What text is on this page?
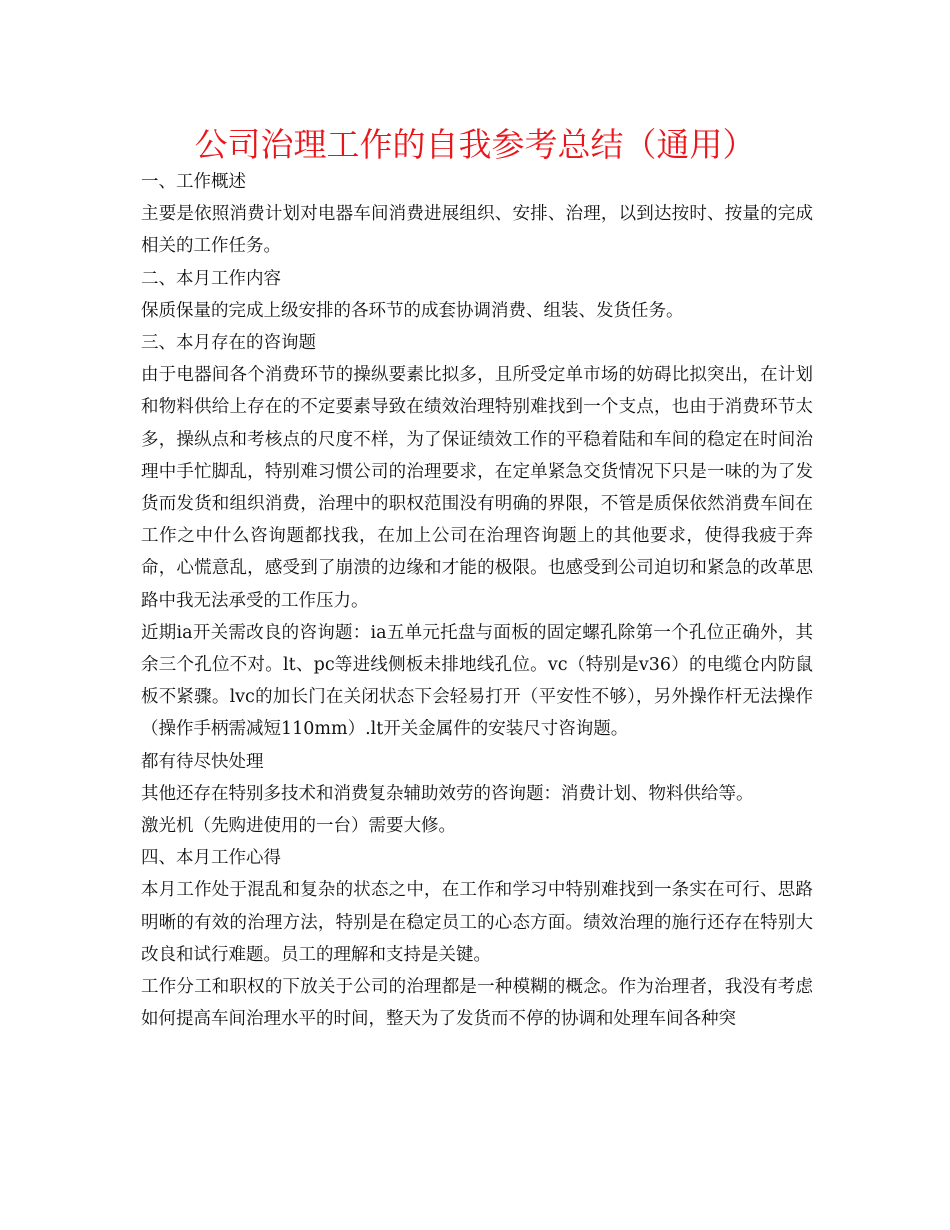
公司治理工作的自我参考总结（通用）

一、工作概述

主要是依照消费计划对电器车间消费进展组织、安排、治理，以到达按时、按量的完成相关的工作任务。

二、本月工作内容

保质保量的完成上级安排的各环节的成套协调消费、组装、发货任务。

三、本月存在的咨询题

由于电器间各个消费环节的操纵要素比拟多，且所受定单市场的妨碍比拟突出，在计划和物料供给上存在的不定要素导致在绩效治理特别难找到一个支点，也由于消费环节太多，操纵点和考核点的尺度不样，为了保证绩效工作的平稳着陆和车间的稳定在时间治理中手忙脚乱，特别难习惯公司的治理要求，在定单紧急交货情况下只是一味的为了发货而发货和组织消费，治理中的职权范围没有明确的界限，不管是质保依然消费车间在工作之中什么咨询题都找我，在加上公司在治理咨询题上的其他要求，使得我疲于奔命，心慌意乱，感受到了崩溃的边缘和才能的极限。也感受到公司迫切和紧急的改革思路中我无法承受的工作压力。

近期ia开关需改良的咨询题：ia五单元托盘与面板的固定螺孔除第一个孔位正确外，其余三个孔位不对。lt、pc等进线侧板未排地线孔位。vc（特别是v36）的电缆仓内防鼠板不紧骤。lvc的加长门在关闭状态下会轻易打开（平安性不够），另外操作杆无法操作（操作手柄需减短110mm）.lt开关金属件的安装尺寸咨询题。

都有待尽快处理

其他还存在特别多技术和消费复杂辅助效劳的咨询题：消费计划、物料供给等。

激光机（先购进使用的一台）需要大修。

四、本月工作心得

本月工作处于混乱和复杂的状态之中，在工作和学习中特别难找到一条实在可行、思路明晰的有效的治理方法，特别是在稳定员工的心态方面。绩效治理的施行还存在特别大改良和试行难题。员工的理解和支持是关键。

工作分工和职权的下放关于公司的治理都是一种模糊的概念。作为治理者，我没有考虑如何提高车间治理水平的时间，整天为了发货而不停的协调和处理车间各种突
